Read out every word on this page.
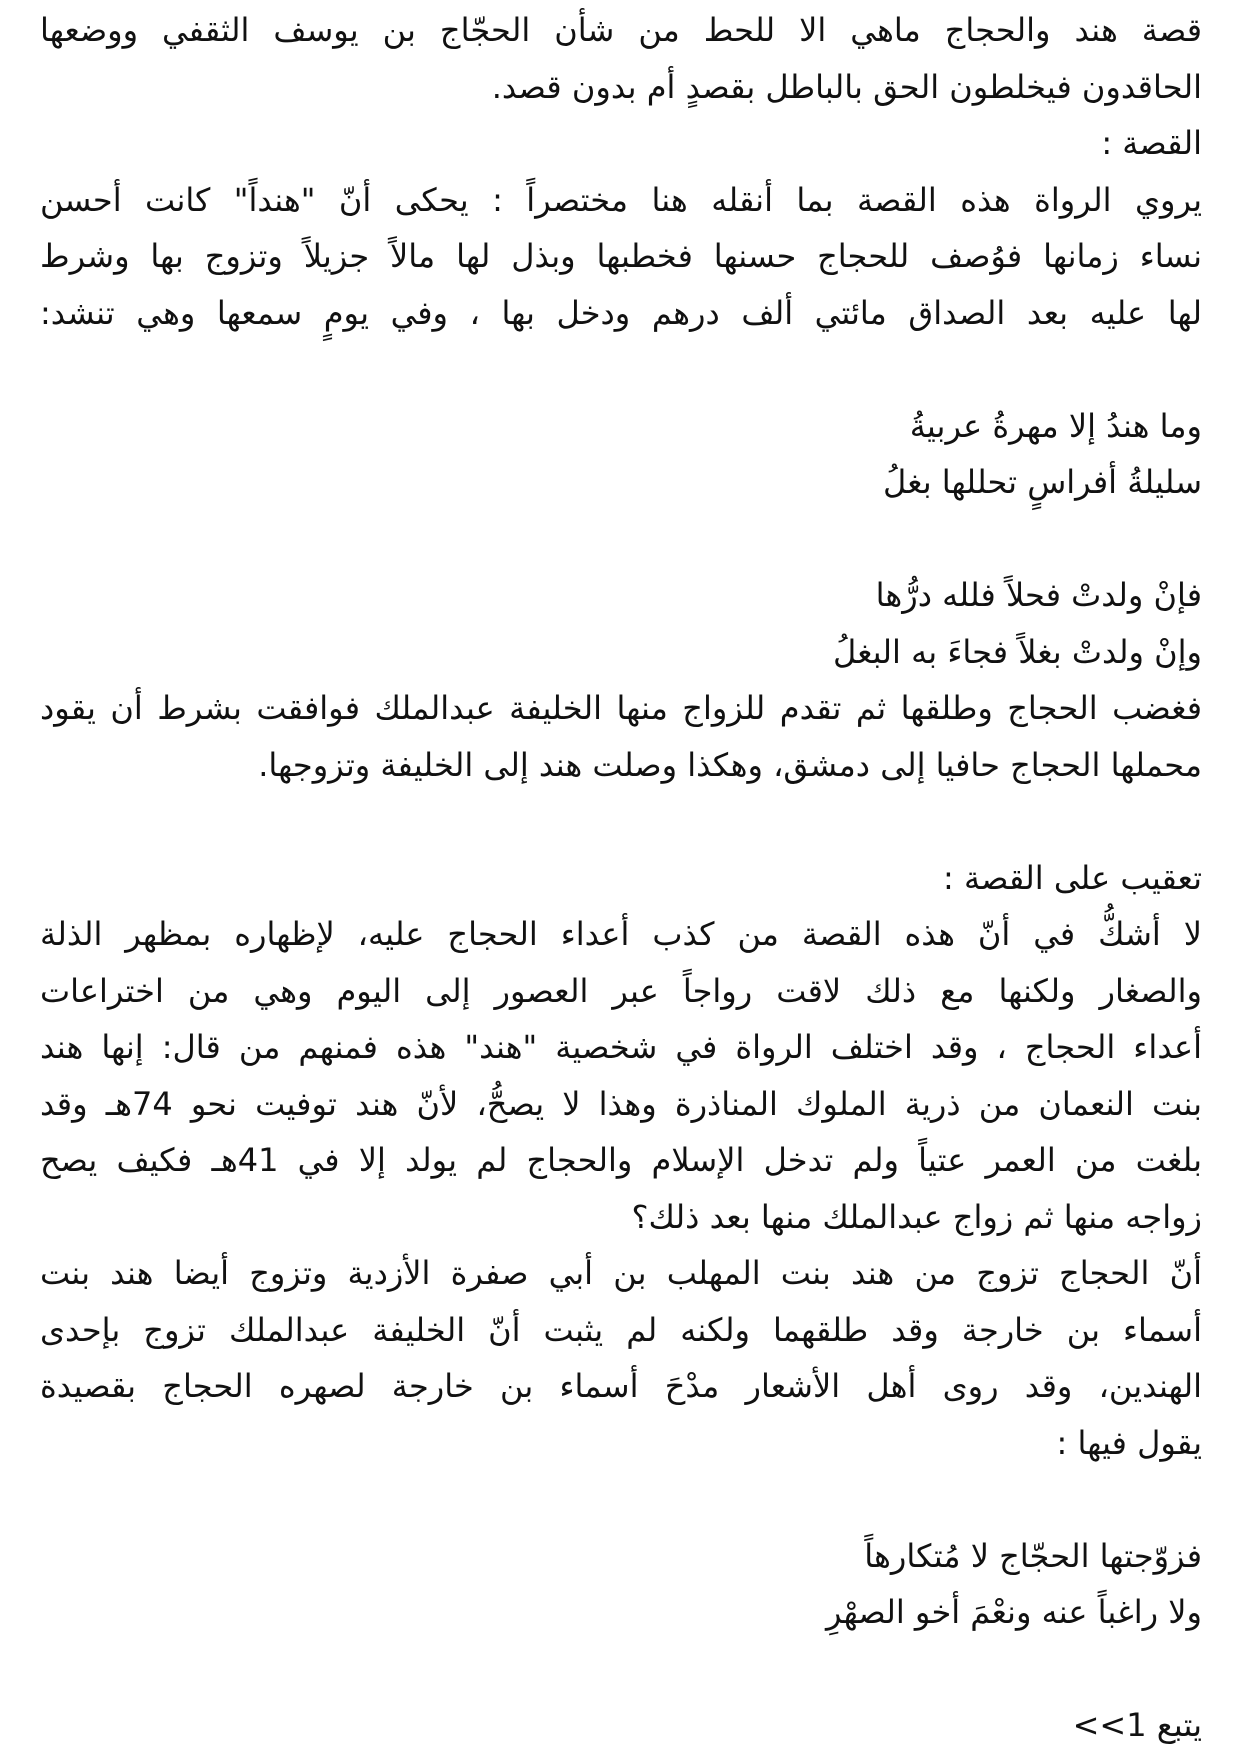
قصة هند والحجاج ماهي الا للحط من شأن الحجّاج بن يوسف الثقفي ووضعها
الحاقدون فيخلطون الحق بالباطل بقصدٍ أم بدون قصد.
القصة :
يروي الرواة هذه القصة بما أنقله هنا مختصراً : يحكى أنّ "هنداً" كانت أحسن
نساء زمانها فوُصف للحجاج حسنها فخطبها وبذل لها مالاً جزيلاً وتزوج بها وشرط
لها عليه بعد الصداق مائتي ألف درهم ودخل بها ، وفي يومٍ سمعها وهي تنشد:
وما هندُ إلا مهرةُ عربيةُ
سليلةُ أفراسٍ تحللها بغلُ
فإنْ ولدتْ فحلاً فلله درُّها
وإنْ ولدتْ بغلاً فجاءَ به البغلُ
فغضب الحجاج وطلقها ثم تقدم للزواج منها الخليفة عبدالملك فوافقت بشرط أن يقود
محملها الحجاج حافيا إلى دمشق، وهكذا وصلت هند إلى الخليفة وتزوجها.
تعقيب على القصة :
لا أشكُّ في أنّ هذه القصة من كذب أعداء الحجاج عليه، لإظهاره بمظهر الذلة
والصغار ولكنها مع ذلك لاقت رواجاً عبر العصور إلى اليوم وهي من اختراعات
أعداء الحجاج ، وقد اختلف الرواة في شخصية "هند" هذه فمنهم من قال: إنها هند
بنت النعمان من ذرية الملوك المناذرة وهذا لا يصحُّ، لأنّ هند توفيت نحو 74هـ وقد
بلغت من العمر عتياً ولم تدخل الإسلام والحجاج لم يولد إلا في 41هـ فكيف يصح
زواجه منها ثم زواج عبدالملك منها بعد ذلك؟
أنّ الحجاج تزوج من هند بنت المهلب بن أبي صفرة الأزدية وتزوج أيضا هند بنت
أسماء بن خارجة وقد طلقهما ولكنه لم يثبت أنّ الخليفة عبدالملك تزوج بإحدى
الهندين، وقد روى أهل الأشعار مدْحَ أسماء بن خارجة لصهره الحجاج بقصيدة
يقول فيها :
فزوّجتها الحجّاج لا مُتكارهاً
ولا راغباً عنه ونعْمَ أخو الصهْرِ
يتبع 1>>
